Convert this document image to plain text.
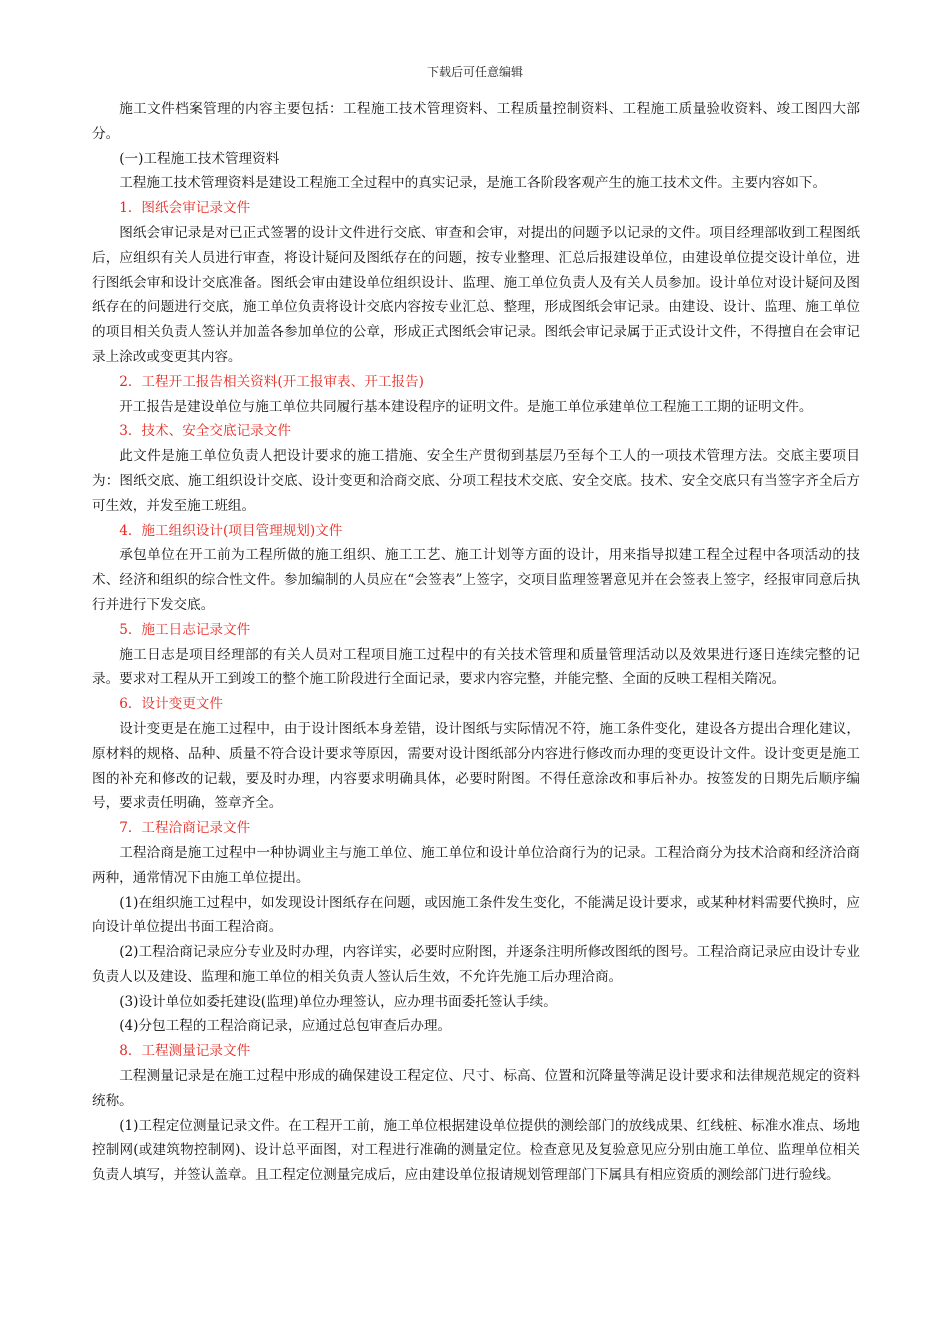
下载后可任意编辑

施工文件档案管理的内容主要包括：工程施工技术管理资料、工程质量控制资料、工程施工质量验收资料、竣工图四大部分。

(一)工程施工技术管理资料

工程施工技术管理资料是建设工程施工全过程中的真实记录，是施工各阶段客观产生的施工技术文件。主要内容如下。

1．图纸会审记录文件

图纸会审记录是对已正式签署的设计文件进行交底、审查和会审，对提出的问题予以记录的文件。项目经理部收到工程图纸后，应组织有关人员进行审查，将设计疑问及图纸存在的问题，按专业整理、汇总后报建设单位，由建设单位提交设计单位，进行图纸会审和设计交底准备。图纸会审由建设单位组织设计、监理、施工单位负责人及有关人员参加。设计单位对设计疑问及图纸存在的问题进行交底，施工单位负责将设计交底内容按专业汇总、整理，形成图纸会审记录。由建设、设计、监理、施工单位的项目相关负责人签认并加盖各参加单位的公章，形成正式图纸会审记录。图纸会审记录属于正式设计文件，不得擅自在会审记录上涂改或变更其内容。

2．工程开工报告相关资料(开工报审表、开工报告)

开工报告是建设单位与施工单位共同履行基本建设程序的证明文件。是施工单位承建单位工程施工工期的证明文件。

3．技术、安全交底记录文件

此文件是施工单位负责人把设计要求的施工措施、安全生产贯彻到基层乃至每个工人的一项技术管理方法。交底主要项目为：图纸交底、施工组织设计交底、设计变更和洽商交底、分项工程技术交底、安全交底。技术、安全交底只有当签字齐全后方可生效，并发至施工班组。

4．施工组织设计(项目管理规划)文件

承包单位在开工前为工程所做的施工组织、施工工艺、施工计划等方面的设计，用来指导拟建工程全过程中各项活动的技术、经济和组织的综合性文件。参加编制的人员应在“会签表”上签字，交项目监理签署意见并在会签表上签字，经报审同意后执行并进行下发交底。

5．施工日志记录文件

施工日志是项目经理部的有关人员对工程项目施工过程中的有关技术管理和质量管理活动以及效果进行逐日连续完整的记录。要求对工程从开工到竣工的整个施工阶段进行全面记录，要求内容完整，并能完整、全面的反映工程相关隋况。

6．设计变更文件

设计变更是在施工过程中，由于设计图纸本身差错，设计图纸与实际情况不符，施工条件变化，建设各方提出合理化建议，原材料的规格、品种、质量不符合设计要求等原因，需要对设计图纸部分内容进行修改而办理的变更设计文件。设计变更是施工图的补充和修改的记载，要及时办理，内容要求明确具体，必要时附图。不得任意涂改和事后补办。按签发的日期先后顺序编号，要求责任明确，签章齐全。

7．工程洽商记录文件

工程洽商是施工过程中一种协调业主与施工单位、施工单位和设计单位洽商行为的记录。工程洽商分为技术洽商和经济洽商两种，通常情况下由施工单位提出。

(1)在组织施工过程中，如发现设计图纸存在问题，或因施工条件发生变化，不能满足设计要求，或某种材料需要代换时，应向设计单位提出书面工程洽商。

(2)工程洽商记录应分专业及时办理，内容详实，必要时应附图，并逐条注明所修改图纸的图号。工程洽商记录应由设计专业负责人以及建设、监理和施工单位的相关负责人签认后生效，不允许先施工后办理洽商。

(3)设计单位如委托建设(监理)单位办理签认，应办理书面委托签认手续。

(4)分包工程的工程洽商记录，应通过总包审查后办理。

8．工程测量记录文件

工程测量记录是在施工过程中形成的确保建设工程定位、尺寸、标高、位置和沉降量等满足设计要求和法律规范规定的资料统称。

(1)工程定位测量记录文件。在工程开工前，施工单位根据建设单位提供的测绘部门的放线成果、红线桩、标准水准点、场地控制网(或建筑物控制网)、设计总平面图，对工程进行准确的测量定位。检查意见及复验意见应分别由施工单位、监理单位相关负责人填写，并签认盖章。且工程定位测量完成后，应由建设单位报请规划管理部门下属具有相应资质的测绘部门进行验线。
